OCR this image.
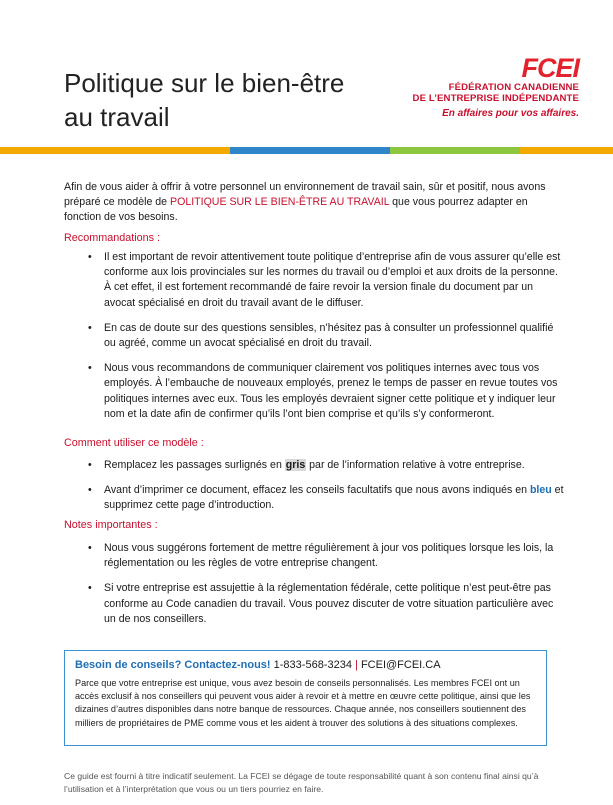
Politique sur le bien-être
au travail
FCEI
FÉDÉRATION CANADIENNE
DE L’ENTREPRISE INDÉPENDANTE
En affaires pour vos affaires.

Afin de vous aider à offrir à votre personnel un environnement de travail sain, sûr et positif, nous avons préparé ce modèle de POLITIQUE SUR LE BIEN-ÊTRE AU TRAVAIL que vous pourrez adapter en fonction de vos besoins.

Recommandations :

• Il est important de revoir attentivement toute politique d’entreprise afin de vous assurer qu’elle est conforme aux lois provinciales sur les normes du travail ou d’emploi et aux droits de la personne. À cet effet, il est fortement recommandé de faire revoir la version finale du document par un avocat spécialisé en droit du travail avant de le diffuser.
• En cas de doute sur des questions sensibles, n’hésitez pas à consulter un professionnel qualifié ou agréé, comme un avocat spécialisé en droit du travail.
• Nous vous recommandons de communiquer clairement vos politiques internes avec tous vos employés. À l’embauche de nouveaux employés, prenez le temps de passer en revue toutes vos politiques internes avec eux. Tous les employés devraient signer cette politique et y indiquer leur nom et la date afin de confirmer qu’ils l’ont bien comprise et qu’ils s’y conformeront.

Comment utiliser ce modèle :

• Remplacez les passages surlignés en gris par de l’information relative à votre entreprise.
• Avant d’imprimer ce document, effacez les conseils facultatifs que nous avons indiqués en bleu et supprimez cette page d’introduction.

Notes importantes :

• Nous vous suggérons fortement de mettre régulièrement à jour vos politiques lorsque les lois, la réglementation ou les règles de votre entreprise changent.
• Si votre entreprise est assujettie à la réglementation fédérale, cette politique n’est peut-être pas conforme au Code canadien du travail. Vous pouvez discuter de votre situation particulière avec un de nos conseillers.

Besoin de conseils? Contactez-nous! 1-833-568-3234 | FCEI@FCEI.CA

Parce que votre entreprise est unique, vous avez besoin de conseils personnalisés. Les membres FCEI ont un accès exclusif à nos conseillers qui peuvent vous aider à revoir et à mettre en œuvre cette politique, ainsi que les dizaines d’autres disponibles dans notre banque de ressources. Chaque année, nos conseillers soutiennent des milliers de propriétaires de PME comme vous et les aident à trouver des solutions à des situations complexes.

Ce guide est fourni à titre indicatif seulement. La FCEI se dégage de toute responsabilité quant à son contenu final ainsi qu’à l’utilisation et à l’interprétation que vous ou un tiers pourriez en faire.
